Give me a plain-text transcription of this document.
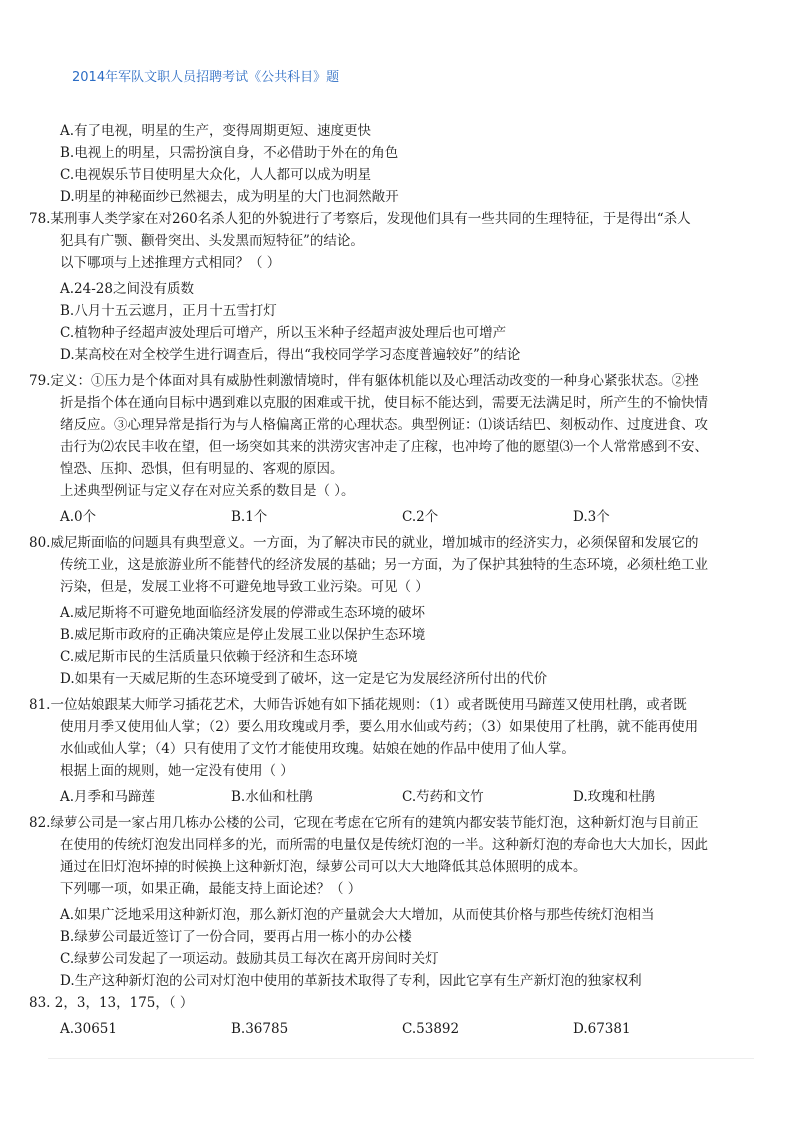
2014年军队文职人员招聘考试《公共科目》题
A.有了电视，明星的生产，变得周期更短、速度更快
B.电视上的明星，只需扮演自身，不必借助于外在的角色
C.电视娱乐节目使明星大众化，人人都可以成为明星
D.明星的神秘面纱已然褪去，成为明星的大门也洞然敞开
78.某刑事人类学家在对260名杀人犯的外貌进行了考察后，发现他们具有一些共同的生理特征，于是得出“杀人
犯具有广颚、颧骨突出、头发黑而短特征”的结论。
以下哪项与上述推理方式相同？（ ）
A.24-28之间没有质数
B.八月十五云遮月，正月十五雪打灯
C.植物种子经超声波处理后可增产，所以玉米种子经超声波处理后也可增产
D.某高校在对全校学生进行调查后，得出“我校同学学习态度普遍较好”的结论
79.定义：①压力是个体面对具有威胁性刺激情境时，伴有躯体机能以及心理活动改变的一种身心紧张状态。②挫
折是指个体在通向目标中遇到难以克服的困难或干扰，使目标不能达到，需要无法满足时，所产生的不愉快情
绪反应。③心理异常是指行为与人格偏离正常的心理状态。典型例证：⑴谈话结巴、刻板动作、过度进食、攻
击行为⑵农民丰收在望，但一场突如其来的洪涝灾害冲走了庄稼，也冲垮了他的愿望⑶一个人常常感到不安、
惶恐、压抑、恐惧，但有明显的、客观的原因。
上述典型例证与定义存在对应关系的数目是（ ）。
A.0个	B.1个	C.2个	D.3个
80.威尼斯面临的问题具有典型意义。一方面，为了解决市民的就业，增加城市的经济实力，必须保留和发展它的
传统工业，这是旅游业所不能替代的经济发展的基础；另一方面，为了保护其独特的生态环境，必须杜绝工业
污染，但是，发展工业将不可避免地导致工业污染。可见（ ）
A.威尼斯将不可避免地面临经济发展的停滞或生态环境的破坏
B.威尼斯市政府的正确决策应是停止发展工业以保护生态环境
C.威尼斯市民的生活质量只依赖于经济和生态环境
D.如果有一天威尼斯的生态环境受到了破坏，这一定是它为发展经济所付出的代价
81.一位姑娘跟某大师学习插花艺术，大师告诉她有如下插花规则：（1）或者既使用马蹄莲又使用杜鹃，或者既
使用月季又使用仙人掌；（2）要么用玫瑰或月季，要么用水仙或芍药；（3）如果使用了杜鹃，就不能再使用
水仙或仙人掌；（4）只有使用了文竹才能使用玫瑰。姑娘在她的作品中使用了仙人掌。
根据上面的规则，她一定没有使用（ ）
A.月季和马蹄莲	B.水仙和杜鹃	C.芍药和文竹	D.玫瑰和杜鹃
82.绿萝公司是一家占用几栋办公楼的公司，它现在考虑在它所有的建筑内都安装节能灯泡，这种新灯泡与目前正
在使用的传统灯泡发出同样多的光，而所需的电量仅是传统灯泡的一半。这种新灯泡的寿命也大大加长，因此
通过在旧灯泡坏掉的时候换上这种新灯泡，绿萝公司可以大大地降低其总体照明的成本。
下列哪一项，如果正确，最能支持上面论述？（ ）
A.如果广泛地采用这种新灯泡，那么新灯泡的产量就会大大增加，从而使其价格与那些传统灯泡相当
B.绿萝公司最近签订了一份合同，要再占用一栋小的办公楼
C.绿萝公司发起了一项运动。鼓励其员工每次在离开房间时关灯
D.生产这种新灯泡的公司对灯泡中使用的革新技术取得了专利，因此它享有生产新灯泡的独家权利
83. 2，3，13，175，（ ）
A.30651	B.36785	C.53892	D.67381
